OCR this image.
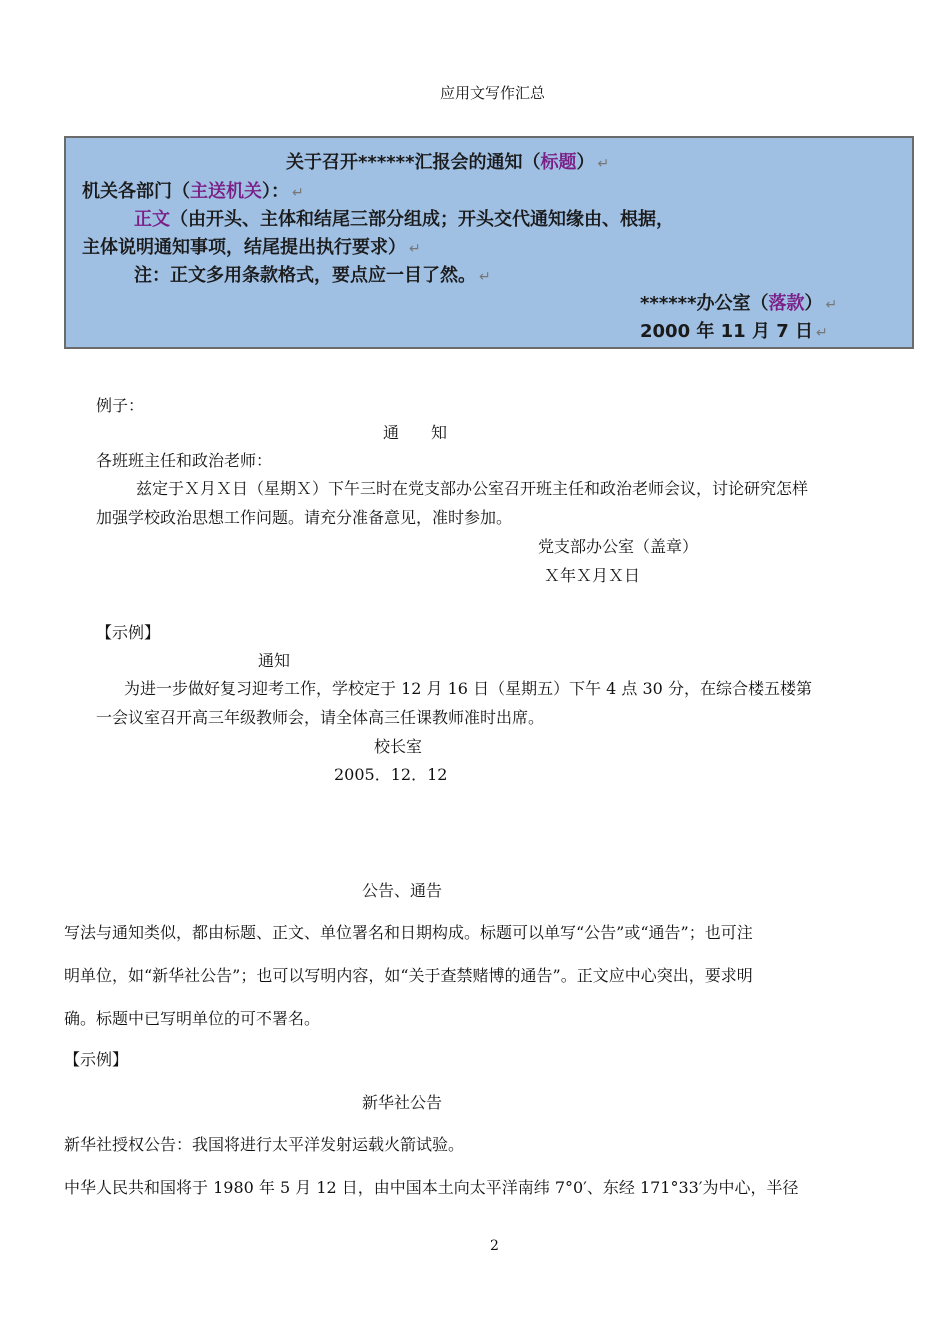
应用文写作汇总
关于召开******汇报会的通知（标题） ↵
机关各部门（主送机关）： ↵
正文（由开头、主体和结尾三部分组成；开头交代通知缘由、根据，
主体说明通知事项，结尾提出执行要求） ↵
注：正文多用条款格式，要点应一目了然。 ↵
******办公室（落款） ↵
2000 年 11 月 7 日 ↵
例子：
通　　知
各班班主任和政治老师：
兹定于Ｘ月Ｘ日（星期Ｘ）下午三时在党支部办公室召开班主任和政治老师会议，讨论研究怎样
加强学校政治思想工作问题。请充分准备意见，准时参加。
党支部办公室（盖章）
Ｘ年Ｘ月Ｘ日
【示例】
通知
为进一步做好复习迎考工作，学校定于 12 月 16 日（星期五）下午 4 点 30 分，在综合楼五楼第
一会议室召开高三年级教师会，请全体高三任课教师准时出席。
校长室
2005．12．12
公告、通告
写法与通知类似，都由标题、正文、单位署名和日期构成。标题可以单写“公告”或“通告”；也可注
明单位，如“新华社公告”；也可以写明内容，如“关于查禁赌博的通告”。正文应中心突出，要求明
确。标题中已写明单位的可不署名。
【示例】
新华社公告
新华社授权公告：我国将进行太平洋发射运载火箭试验。
中华人民共和国将于 1980 年 5 月 12 日，由中国本土向太平洋南纬 7°0′、东经 171°33′为中心，半径
2
